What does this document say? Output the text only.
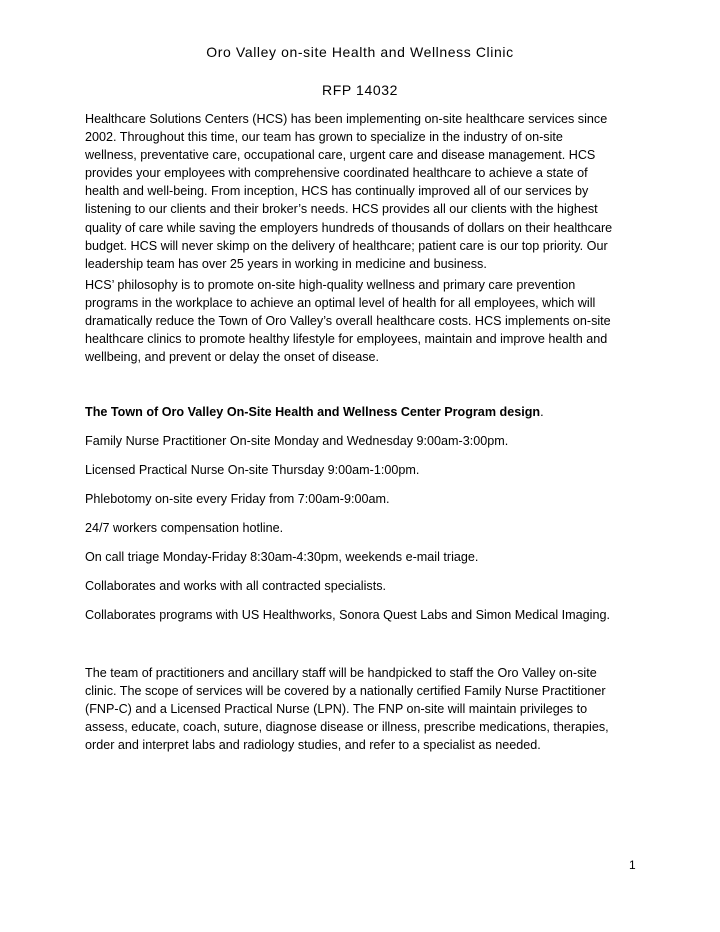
Oro Valley on-site Health and Wellness Clinic
RFP 14032

Healthcare Solutions Centers (HCS) has been implementing on-site healthcare services since
2002. Throughout this time, our team has grown to specialize in the industry of on-site
wellness, preventative care, occupational care, urgent care and disease management. HCS
provides your employees with comprehensive coordinated healthcare to achieve a state of
health and well-being. From inception, HCS has continually improved all of our services by
listening to our clients and their broker’s needs. HCS provides all our clients with the highest
quality of care while saving the employers hundreds of thousands of dollars on their healthcare
budget. HCS will never skimp on the delivery of healthcare; patient care is our top priority. Our
leadership team has over 25 years in working in medicine and business.

HCS’ philosophy is to promote on-site high-quality wellness and primary care prevention
programs in the workplace to achieve an optimal level of health for all employees, which will
dramatically reduce the Town of Oro Valley’s overall healthcare costs. HCS implements on-site
healthcare clinics to promote healthy lifestyle for employees, maintain and improve health and
wellbeing, and prevent or delay the onset of disease.

The Town of Oro Valley On-Site Health and Wellness Center Program design.

Family Nurse Practitioner On-site Monday and Wednesday 9:00am-3:00pm.

Licensed Practical Nurse On-site Thursday 9:00am-1:00pm.

Phlebotomy on-site every Friday from 7:00am-9:00am.

24/7 workers compensation hotline.

On call triage Monday-Friday 8:30am-4:30pm, weekends e-mail triage.

Collaborates and works with all contracted specialists.

Collaborates programs with US Healthworks, Sonora Quest Labs and Simon Medical Imaging.

The team of practitioners and ancillary staff will be handpicked to staff the Oro Valley on-site
clinic. The scope of services will be covered by a nationally certified Family Nurse Practitioner
(FNP-C) and a Licensed Practical Nurse (LPN). The FNP on-site will maintain privileges to
assess, educate, coach, suture, diagnose disease or illness, prescribe medications, therapies,
order and interpret labs and radiology studies, and refer to a specialist as needed.

1
